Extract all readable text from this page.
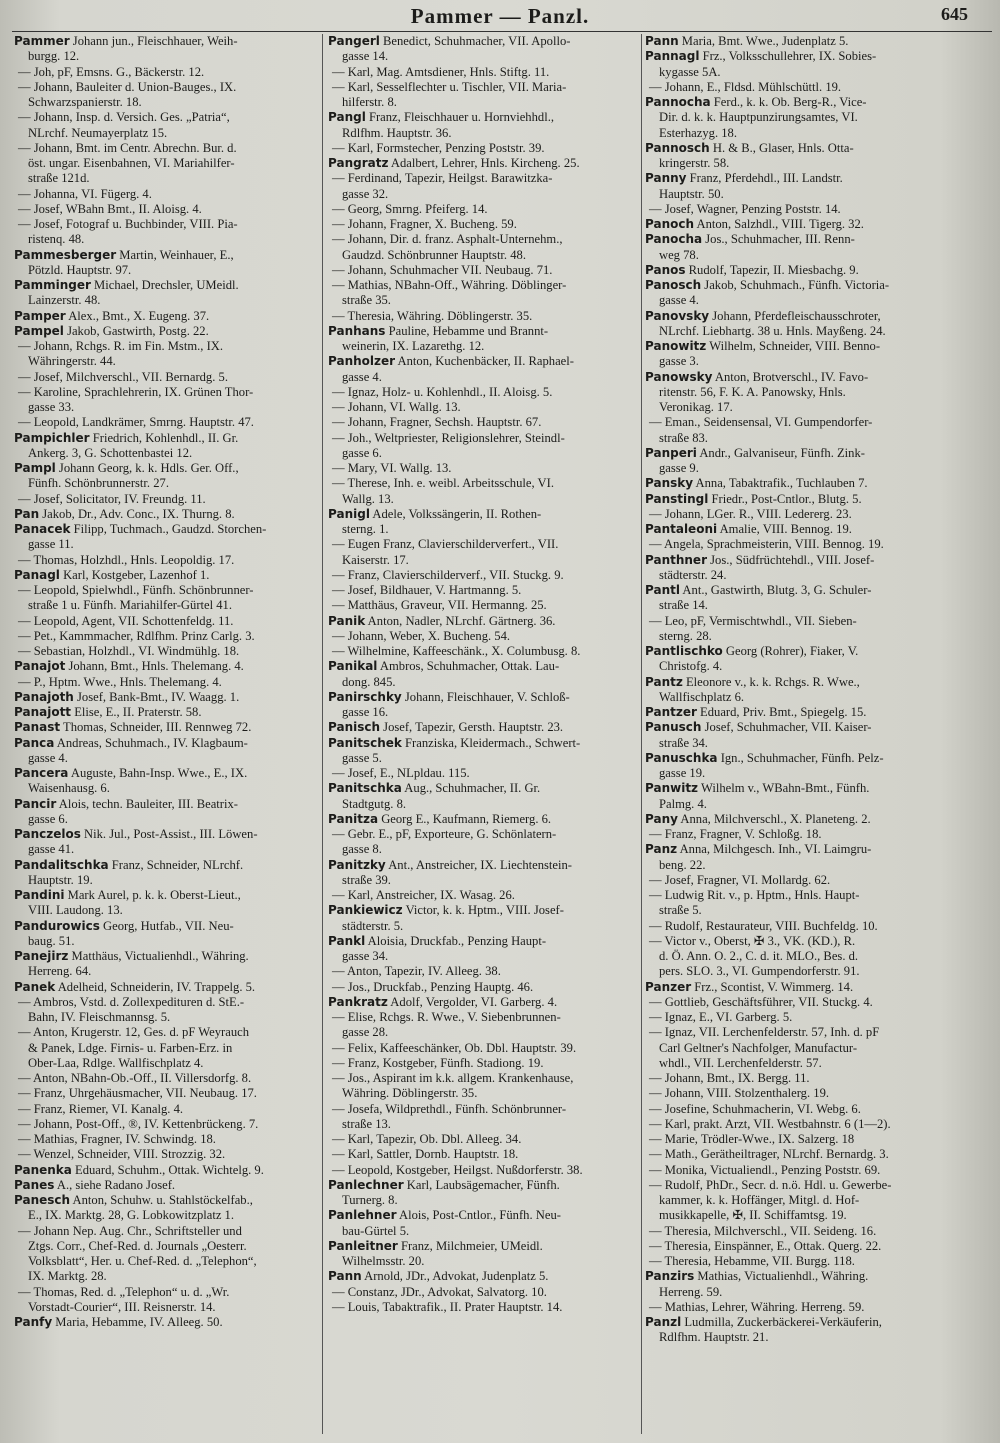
Pammer — Panzl.	645
Pammer Johann jun., Fleischhauer, Weih-
burgg. 12.
— Joh, pF, Emsns. G., Bäckerstr. 12.
— Johann, Bauleiter d. Union-Bauges., IX.
Schwarzspanierstr. 18.
— Johann, Insp. d. Versich. Ges. „Patria“,
NLrchf. Neumayerplatz 15.
— Johann, Bmt. im Centr. Abrechn. Bur. d.
öst. ungar. Eisenbahnen, VI. Mariahilfer-
straße 121d.
— Johanna, VI. Fügerg. 4.
— Josef, WBahn Bmt., II. Aloisg. 4.
— Josef, Fotograf u. Buchbinder, VIII. Pia-
ristenq. 48.
Pammesberger Martin, Weinhauer, E.,
Pötzld. Hauptstr. 97.
Pamminger Michael, Drechsler, UMeidl.
Lainzerstr. 48.
Pamper Alex., Bmt., X. Eugeng. 37.
Pampel Jakob, Gastwirth, Postg. 22.
— Johann, Rchgs. R. im Fin. Mstm., IX.
Währingerstr. 44.
— Josef, Milchverschl., VII. Bernardg. 5.
— Karoline, Sprachlehrerin, IX. Grünen Thor-
gasse 33.
— Leopold, Landkrämer, Smrng. Hauptstr. 47.
Pampichler Friedrich, Kohlenhdl., II. Gr.
Ankerg. 3, G. Schottenbastei 12.
Pampl Johann Georg, k. k. Hdls. Ger. Off.,
Fünfh. Schönbrunnerstr. 27.
— Josef, Solicitator, IV. Freundg. 11.
Pan Jakob, Dr., Adv. Conc., IX. Thurng. 8.
Panacek Filipp, Tuchmach., Gaudzd. Storchen-
gasse 11.
— Thomas, Holzhdl., Hnls. Leopoldig. 17.
Panagl Karl, Kostgeber, Lazenhof 1.
— Leopold, Spielwhdl., Fünfh. Schönbrunner-
straße 1 u. Fünfh. Mariahilfer-Gürtel 41.
— Leopold, Agent, VII. Schottenfeldg. 11.
— Pet., Kammmacher, Rdlfhm. Prinz Carlg. 3.
— Sebastian, Holzhdl., VI. Windmühlg. 18.
Panajot Johann, Bmt., Hnls. Thelemang. 4.
— P., Hptm. Wwe., Hnls. Thelemang. 4.
Panajoth Josef, Bank-Bmt., IV. Waagg. 1.
Panajott Elise, E., II. Praterstr. 58.
Panast Thomas, Schneider, III. Rennweg 72.
Panca Andreas, Schuhmach., IV. Klagbaum-
gasse 4.
Pancera Auguste, Bahn-Insp. Wwe., E., IX.
Waisenhausg. 6.
Pancir Alois, techn. Bauleiter, III. Beatrix-
gasse 6.
Panczelos Nik. Jul., Post-Assist., III. Löwen-
gasse 41.
Pandalitschka Franz, Schneider, NLrchf.
Hauptstr. 19.
Pandini Mark Aurel, p. k. k. Oberst-Lieut.,
VIII. Laudong. 13.
Pandurowics Georg, Hutfab., VII. Neu-
baug. 51.
Panejirz Matthäus, Victualienhdl., Währing.
Herreng. 64.
Panek Adelheid, Schneiderin, IV. Trappelg. 5.
— Ambros, Vstd. d. Zollexpedituren d. StE.-
Bahn, IV. Fleischmannsg. 5.
— Anton, Krugerstr. 12, Ges. d. pF Weyrauch
& Panek, Ldge. Firnis- u. Farben-Erz. in
Ober-Laa, Rdlge. Wallfischplatz 4.
— Anton, NBahn-Ob.-Off., II. Villersdorfg. 8.
— Franz, Uhrgehäusmacher, VII. Neubaug. 17.
— Franz, Riemer, VI. Kanalg. 4.
— Johann, Post-Off., ®, IV. Kettenbrückeng. 7.
— Mathias, Fragner, IV. Schwindg. 18.
— Wenzel, Schneider, VIII. Strozzig. 32.
Panenka Eduard, Schuhm., Ottak. Wichtelg. 9.
Panes A., siehe Radano Josef.
Panesch Anton, Schuhw. u. Stahlstöckelfab.,
E., IX. Marktg. 28, G. Lobkowitzplatz 1.
— Johann Nep. Aug. Chr., Schriftsteller und
Ztgs. Corr., Chef-Red. d. Journals „Oesterr.
Volksblatt“, Her. u. Chef-Red. d. „Telephon“,
IX. Marktg. 28.
— Thomas, Red. d. „Telephon“ u. d. „Wr.
Vorstadt-Courier“, III. Reisnerstr. 14.
Panfy Maria, Hebamme, IV. Alleeg. 50.
Pangerl Benedict, Schuhmacher, VII. Apollo-
gasse 14.
— Karl, Mag. Amtsdiener, Hnls. Stiftg. 11.
— Karl, Sesselflechter u. Tischler, VII. Maria-
hilferstr. 8.
Pangl Franz, Fleischhauer u. Hornviehhdl.,
Rdlfhm. Hauptstr. 36.
— Karl, Formstecher, Penzing Poststr. 39.
Pangratz Adalbert, Lehrer, Hnls. Kircheng. 25.
— Ferdinand, Tapezir, Heilgst. Barawitzka-
gasse 32.
— Georg, Smrng. Pfeiferg. 14.
— Johann, Fragner, X. Bucheng. 59.
— Johann, Dir. d. franz. Asphalt-Unternehm.,
Gaudzd. Schönbrunner Hauptstr. 48.
— Johann, Schuhmacher VII. Neubaug. 71.
— Mathias, NBahn-Off., Währing. Döblinger-
straße 35.
— Theresia, Währing. Döblingerstr. 35.
Panhans Pauline, Hebamme und Brannt-
weinerin, IX. Lazarethg. 12.
Panholzer Anton, Kuchenbäcker, II. Raphael-
gasse 4.
— Ignaz, Holz- u. Kohlenhdl., II. Aloisg. 5.
— Johann, VI. Wallg. 13.
— Johann, Fragner, Sechsh. Hauptstr. 67.
— Joh., Weltpriester, Religionslehrer, Steindl-
gasse 6.
— Mary, VI. Wallg. 13.
— Therese, Inh. e. weibl. Arbeitsschule, VI.
Wallg. 13.
Panigl Adele, Volkssängerin, II. Rothen-
sterng. 1.
— Eugen Franz, Clavierschilderverfert., VII.
Kaiserstr. 17.
— Franz, Clavierschilderverf., VII. Stuckg. 9.
— Josef, Bildhauer, V. Hartmanng. 5.
— Matthäus, Graveur, VII. Hermanng. 25.
Panik Anton, Nadler, NLrchf. Gärtnerg. 36.
— Johann, Weber, X. Bucheng. 54.
— Wilhelmine, Kaffeeschänk., X. Columbusg. 8.
Panikal Ambros, Schuhmacher, Ottak. Lau-
dong. 845.
Panirschky Johann, Fleischhauer, V. Schloß-
gasse 16.
Panisch Josef, Tapezir, Gersth. Hauptstr. 23.
Panitschek Franziska, Kleidermach., Schwert-
gasse 5.
— Josef, E., NLpldau. 115.
Panitschka Aug., Schuhmacher, II. Gr.
Stadtgutg. 8.
Panitza Georg E., Kaufmann, Riemerg. 6.
— Gebr. E., pF, Exporteure, G. Schönlatern-
gasse 8.
Panitzky Ant., Anstreicher, IX. Liechtenstein-
straße 39.
— Karl, Anstreicher, IX. Wasag. 26.
Pankiewicz Victor, k. k. Hptm., VIII. Josef-
städterstr. 5.
Pankl Aloisia, Druckfab., Penzing Haupt-
gasse 34.
— Anton, Tapezir, IV. Alleeg. 38.
— Jos., Druckfab., Penzing Hauptg. 46.
Pankratz Adolf, Vergolder, VI. Garberg. 4.
— Elise, Rchgs. R. Wwe., V. Siebenbrunnen-
gasse 28.
— Felix, Kaffeeschänker, Ob. Dbl. Hauptstr. 39.
— Franz, Kostgeber, Fünfh. Stadiong. 19.
— Jos., Aspirant im k.k. allgem. Krankenhause,
Währing. Döblingerstr. 35.
— Josefa, Wildprethdl., Fünfh. Schönbrunner-
straße 13.
— Karl, Tapezir, Ob. Dbl. Alleeg. 34.
— Karl, Sattler, Dornb. Hauptstr. 18.
— Leopold, Kostgeber, Heilgst. Nußdorferstr. 38.
Panlechner Karl, Laubsägemacher, Fünfh.
Turnerg. 8.
Panlehner Alois, Post-Cntlor., Fünfh. Neu-
bau-Gürtel 5.
Panleitner Franz, Milchmeier, UMeidl.
Wilhelmsstr. 20.
Pann Arnold, JDr., Advokat, Judenplatz 5.
— Constanz, JDr., Advokat, Salvatorg. 10.
— Louis, Tabaktrafik., II. Prater Hauptstr. 14.
Pann Maria, Bmt. Wwe., Judenplatz 5.
Pannagl Frz., Volksschullehrer, IX. Sobies-
kygasse 5A.
— Johann, E., Fldsd. Mühlschüttl. 19.
Pannocha Ferd., k. k. Ob. Berg-R., Vice-
Dir. d. k. k. Hauptpunzirungsamtes, VI.
Esterhazyg. 18.
Pannosch H. & B., Glaser, Hnls. Otta-
kringerstr. 58.
Panny Franz, Pferdehdl., III. Landstr.
Hauptstr. 50.
— Josef, Wagner, Penzing Poststr. 14.
Panoch Anton, Salzhdl., VIII. Tigerg. 32.
Panocha Jos., Schuhmacher, III. Renn-
weg 78.
Panos Rudolf, Tapezir, II. Miesbachg. 9.
Panosch Jakob, Schuhmach., Fünfh. Victoria-
gasse 4.
Panovsky Johann, Pferdefleischausschroter,
NLrchf. Liebhartg. 38 u. Hnls. Mayßeng. 24.
Panowitz Wilhelm, Schneider, VIII. Benno-
gasse 3.
Panowsky Anton, Brotverschl., IV. Favo-
ritenstr. 56, F. K. A. Panowsky, Hnls.
Veronikag. 17.
— Eman., Seidensensal, VI. Gumpendorfer-
straße 83.
Panperi Andr., Galvaniseur, Fünfh. Zink-
gasse 9.
Pansky Anna, Tabaktrafik., Tuchlauben 7.
Panstingl Friedr., Post-Cntlor., Blutg. 5.
— Johann, LGer. R., VIII. Ledererg. 23.
Pantaleoni Amalie, VIII. Bennog. 19.
— Angela, Sprachmeisterin, VIII. Bennog. 19.
Panthner Jos., Südfrüchtehdl., VIII. Josef-
städterstr. 24.
Pantl Ant., Gastwirth, Blutg. 3, G. Schuler-
straße 14.
— Leo, pF, Vermischtwhdl., VII. Sieben-
sterng. 28.
Pantlischko Georg (Rohrer), Fiaker, V.
Christofg. 4.
Pantz Eleonore v., k. k. Rchgs. R. Wwe.,
Wallfischplatz 6.
Pantzer Eduard, Priv. Bmt., Spiegelg. 15.
Panusch Josef, Schuhmacher, VII. Kaiser-
straße 34.
Panuschka Ign., Schuhmacher, Fünfh. Pelz-
gasse 19.
Panwitz Wilhelm v., WBahn-Bmt., Fünfh.
Palmg. 4.
Pany Anna, Milchverschl., X. Planeteng. 2.
— Franz, Fragner, V. Schloßg. 18.
Panz Anna, Milchgesch. Inh., VI. Laimgru-
beng. 22.
— Josef, Fragner, VI. Mollardg. 62.
— Ludwig Rit. v., p. Hptm., Hnls. Haupt-
straße 5.
— Rudolf, Restaurateur, VIII. Buchfeldg. 10.
— Victor v., Oberst, ✠ 3., VK. (KD.), R.
d. Ö. Ann. O. 2., C. d. it. MLO., Bes. d.
pers. SLO. 3., VI. Gumpendorferstr. 91.
Panzer Frz., Scontist, V. Wimmerg. 14.
— Gottlieb, Geschäftsführer, VII. Stuckg. 4.
— Ignaz, E., VI. Garberg. 5.
— Ignaz, VII. Lerchenfelderstr. 57, Inh. d. pF
Carl Geltner's Nachfolger, Manufactur-
whdl., VII. Lerchenfelderstr. 57.
— Johann, Bmt., IX. Bergg. 11.
— Johann, VIII. Stolzenthalerg. 19.
— Josefine, Schuhmacherin, VI. Webg. 6.
— Karl, prakt. Arzt, VII. Westbahnstr. 6 (1—2).
— Marie, Trödler-Wwe., IX. Salzerg. 18
— Math., Gerätheiltrager, NLrchf. Bernardg. 3.
— Monika, Victualiendl., Penzing Poststr. 69.
— Rudolf, PhDr., Secr. d. n.ö. Hdl. u. Gewerbe-
kammer, k. k. Hoffänger, Mitgl. d. Hof-
musikkapelle, ✠, II. Schiffamtsg. 19.
— Theresia, Milchverschl., VII. Seideng. 16.
— Theresia, Einspänner, E., Ottak. Querg. 22.
— Theresia, Hebamme, VII. Burgg. 118.
Panzirs Mathias, Victualienhdl., Währing.
Herreng. 59.
— Mathias, Lehrer, Währing. Herreng. 59.
Panzl Ludmilla, Zuckerbäckerei-Verkäuferin,
Rdlfhm. Hauptstr. 21.
